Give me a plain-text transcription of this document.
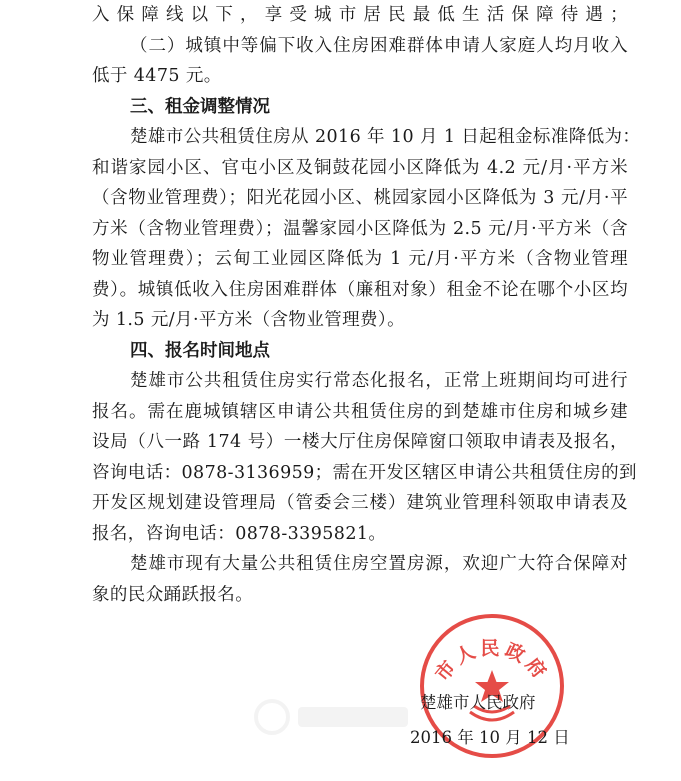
入保障线以下，享受城市居民最低生活保障待遇；
（二）城镇中等偏下收入住房困难群体申请人家庭人均月收入
低于 4475 元。
三、租金调整情况
楚雄市公共租赁住房从 2016 年 10 月 1 日起租金标准降低为：
和谐家园小区、官屯小区及铜鼓花园小区降低为 4.2 元/月·平方米
（含物业管理费）；阳光花园小区、桃园家园小区降低为 3 元/月·平
方米（含物业管理费）；温馨家园小区降低为 2.5 元/月·平方米（含
物业管理费）；云甸工业园区降低为 1 元/月·平方米（含物业管理
费）。城镇低收入住房困难群体（廉租对象）租金不论在哪个小区均
为 1.5 元/月·平方米（含物业管理费）。
四、报名时间地点
楚雄市公共租赁住房实行常态化报名，正常上班期间均可进行
报名。需在鹿城镇辖区申请公共租赁住房的到楚雄市住房和城乡建
设局（八一路 174 号）一楼大厅住房保障窗口领取申请表及报名，
咨询电话：0878-3136959；需在开发区辖区申请公共租赁住房的到
开发区规划建设管理局（管委会三楼）建筑业管理科领取申请表及
报名，咨询电话：0878-3395821。
楚雄市现有大量公共租赁住房空置房源，欢迎广大符合保障对
象的民众踊跃报名。
市人民政府
楚雄市人民政府
2016 年 10 月 12 日
